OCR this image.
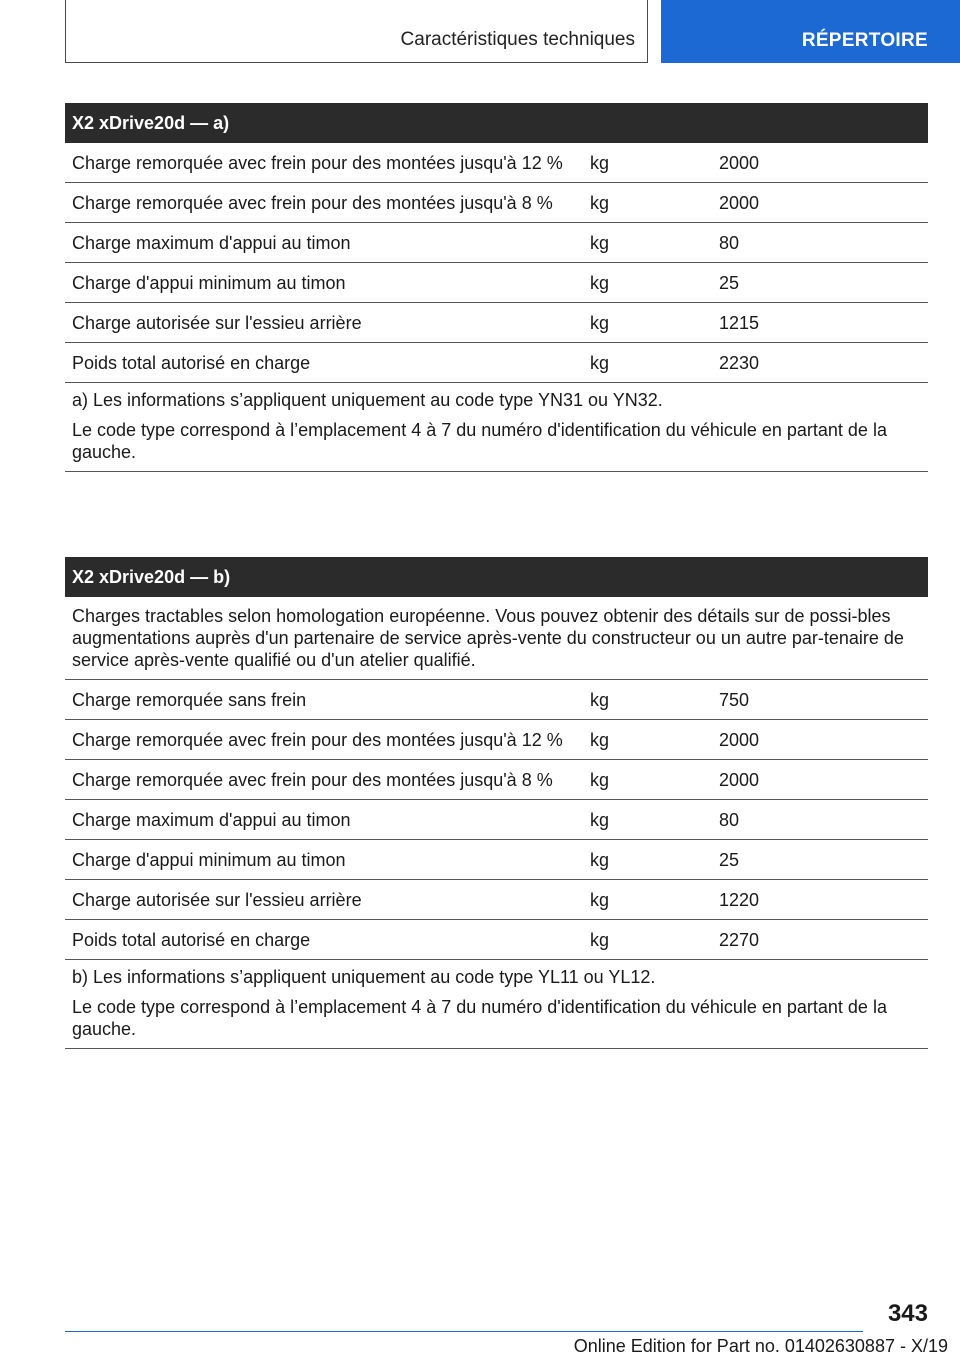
Caractéristiques techniques	RÉPERTOIRE
X2 xDrive20d — a)
Charge remorquée avec frein pour des montées jusqu'à 12 %	kg	2000
Charge remorquée avec frein pour des montées jusqu'à 8 %	kg	2000
Charge maximum d'appui au timon	kg	80
Charge d'appui minimum au timon	kg	25
Charge autorisée sur l'essieu arrière	kg	1215
Poids total autorisé en charge	kg	2230

a) Les informations s’appliquent uniquement au code type YN31 ou YN32.

Le code type correspond à l’emplacement 4 à 7 du numéro d'identification du véhicule en partant de la gauche.

X2 xDrive20d — b)
Charges tractables selon homologation européenne. Vous pouvez obtenir des détails sur de possi-bles augmentations auprès d'un partenaire de service après-vente du constructeur ou un autre par-tenaire de service après-vente qualifié ou d'un atelier qualifié.
Charge remorquée sans frein	kg	750
Charge remorquée avec frein pour des montées jusqu'à 12 %	kg	2000
Charge remorquée avec frein pour des montées jusqu'à 8 %	kg	2000
Charge maximum d'appui au timon	kg	80
Charge d'appui minimum au timon	kg	25
Charge autorisée sur l'essieu arrière	kg	1220
Poids total autorisé en charge	kg	2270

b) Les informations s’appliquent uniquement au code type YL11 ou YL12.

Le code type correspond à l’emplacement 4 à 7 du numéro d'identification du véhicule en partant de la gauche.

343
Online Edition for Part no. 01402630887 - X/19
